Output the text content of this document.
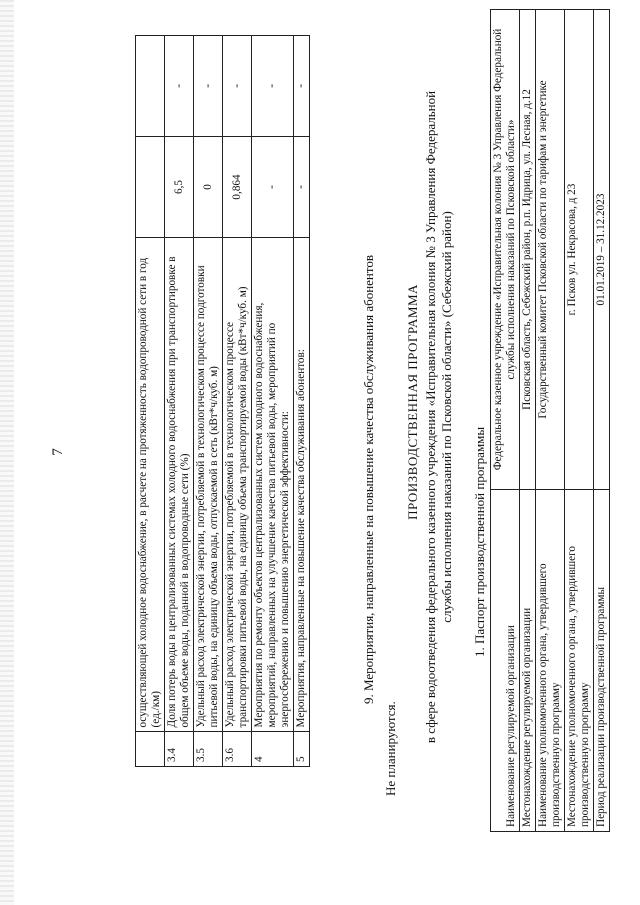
7
		осуществляющей холодное водоснабжение, в расчете на протяженность водопроводной сети в год (ед./км)		
3.4	Доля потерь воды в централизованных системах холодного водоснабжения при транспортировке в общем объеме воды, поданной в водопроводные сети (%)	6,5	-
3.5	Удельный расход электрической энергии, потребляемой в технологическом процессе подготовки питьевой воды, на единицу объема воды, отпускаемой в сеть (кВт*ч/куб. м)	0	-
3.6	Удельный расход электрической энергии, потребляемой в технологическом процессе транспортировки питьевой воды, на единицу объема транспортируемой воды (кВт*ч/куб. м)	0,864	-
4	Мероприятия по ремонту объектов централизованных систем холодного водоснабжения, мероприятий, направленных на улучшение качества питьевой воды, мероприятий по энергосбережению и повышению энергетической эффективности:	-	-
5	Мероприятия, направленные на повышение качества обслуживания абонентов:	-	-
9. Мероприятия, направленные на повышение качества обслуживания абонентов
Не планируются.
ПРОИЗВОДСТВЕННАЯ ПРОГРАММА в сфере водоотведения федерального казенного учреждения «Исправительная колония № 3 Управления Федеральной службы исполнения наказаний по Псковской области» (Себежский район) 1. Паспорт производственной программы
Наименование регулируемой организации	Федеральное казенное учреждение «Исправительная колония № 3 Управления Федеральной службы исполнения наказаний по Псковской области»
Местонахождение регулируемой организации	Псковская область, Себежский район, р.п. Идрица, ул. Лесная, д.12
Наименование уполномоченного органа, утвердившего производственную программу	Государственный комитет Псковской области по тарифам и энергетике
Местонахождение уполномоченного органа, утвердившего производственную программу	г. Псков ул. Некрасова, д 23
Период реализации производственной программы	01.01.2019 – 31.12.2023
